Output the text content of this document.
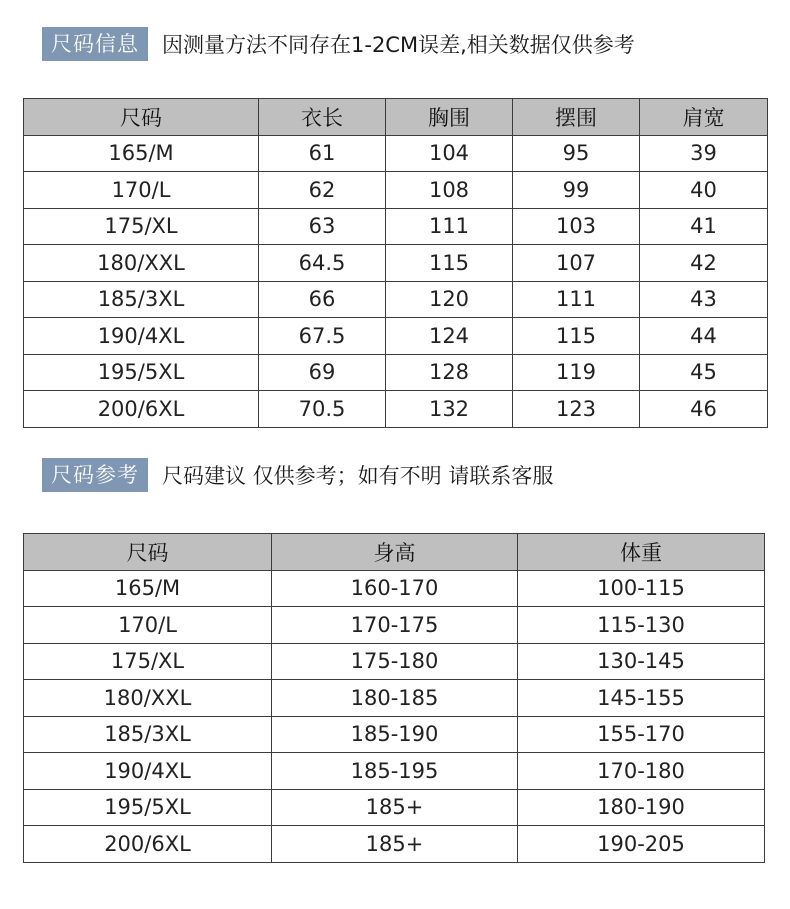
尺码信息	因测量方法不同存在1-2CM误差,相关数据仅供参考
尺码	衣长	胸围	摆围	肩宽
165/M	61	104	95	39
170/L	62	108	99	40
175/XL	63	111	103	41
180/XXL	64.5	115	107	42
185/3XL	66	120	111	43
190/4XL	67.5	124	115	44
195/5XL	69	128	119	45
200/6XL	70.5	132	123	46
尺码参考	尺码建议 仅供参考；如有不明 请联系客服
尺码	身高	体重
165/M	160-170	100-115
170/L	170-175	115-130
175/XL	175-180	130-145
180/XXL	180-185	145-155
185/3XL	185-190	155-170
190/4XL	185-195	170-180
195/5XL	185+	180-190
200/6XL	185+	190-205
